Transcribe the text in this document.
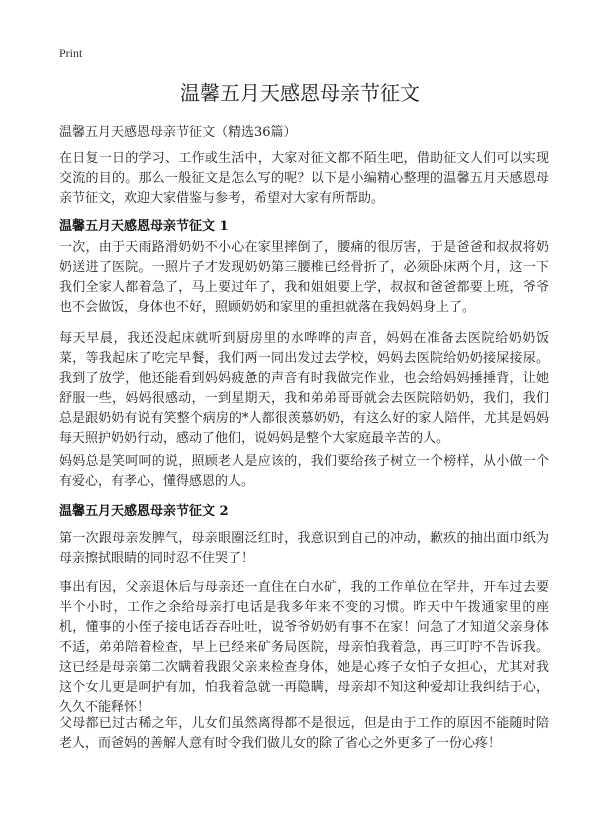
Print
温馨五月天感恩母亲节征文
温馨五月天感恩母亲节征文（精选36篇）

在日复一日的学习、工作或生活中，大家对征文都不陌生吧，借助征文人们可以实现交流的目的。那么一般征文是怎么写的呢？以下是小编精心整理的温馨五月天感恩母亲节征文，欢迎大家借鉴与参考，希望对大家有所帮助。

温馨五月天感恩母亲节征文 1

一次，由于天雨路滑奶奶不小心在家里摔倒了，腰痛的很厉害，于是爸爸和叔叔将奶奶送进了医院。一照片子才发现奶奶第三腰椎已经骨折了，必须卧床两个月，这一下我们全家人都着急了，马上要过年了，我和姐姐要上学，叔叔和爸爸都要上班，爷爷也不会做饭，身体也不好，照顾奶奶和家里的重担就落在我妈妈身上了。

每天早晨，我还没起床就听到厨房里的水哗哗的声音，妈妈在准备去医院给奶奶饭菜，等我起床了吃完早餐，我们两一同出发过去学校，妈妈去医院给奶奶接屎接尿。我到了放学，他还能看到妈妈疲惫的声音有时我做完作业，也会给妈妈捶捶背，让她舒服一些，妈妈很感动，一到星期天，我和弟弟哥哥就会去医院陪奶奶，我们，我们总是跟奶奶有说有笑整个病房的*人都很羡慕奶奶，有这么好的家人陪伴，尤其是妈妈每天照护奶奶行动，感动了他们，说妈妈是整个大家庭最辛苦的人。

妈妈总是笑呵呵的说，照顾老人是应该的，我们要给孩子树立一个榜样，从小做一个有爱心，有孝心，懂得感恩的人。

温馨五月天感恩母亲节征文 2

第一次跟母亲发脾气，母亲眼圈泛红时，我意识到自己的冲动，歉疚的抽出面巾纸为母亲擦拭眼睛的同时忍不住哭了！

事出有因，父亲退休后与母亲还一直住在白水矿，我的工作单位在罕井，开车过去要半个小时，工作之余给母亲打电话是我多年来不变的习惯。昨天中午拨通家里的座机，懂事的小侄子接电话吞吞吐吐，说爷爷奶奶有事不在家！问急了才知道父亲身体不适，弟弟陪着检查，早上已经来矿务局医院，母亲怕我着急，再三叮咛不告诉我。这已经是母亲第二次瞒着我跟父亲来检查身体，她是心疼子女怕子女担心，尤其对我这个女儿更是呵护有加，怕我着急就一再隐瞒，母亲却不知这种爱却让我纠结于心，久久不能释怀！

父母都已过古稀之年，儿女们虽然离得都不是很远，但是由于工作的原因不能随时陪老人，而爸妈的善解人意有时令我们做儿女的除了省心之外更多了一份心疼！
